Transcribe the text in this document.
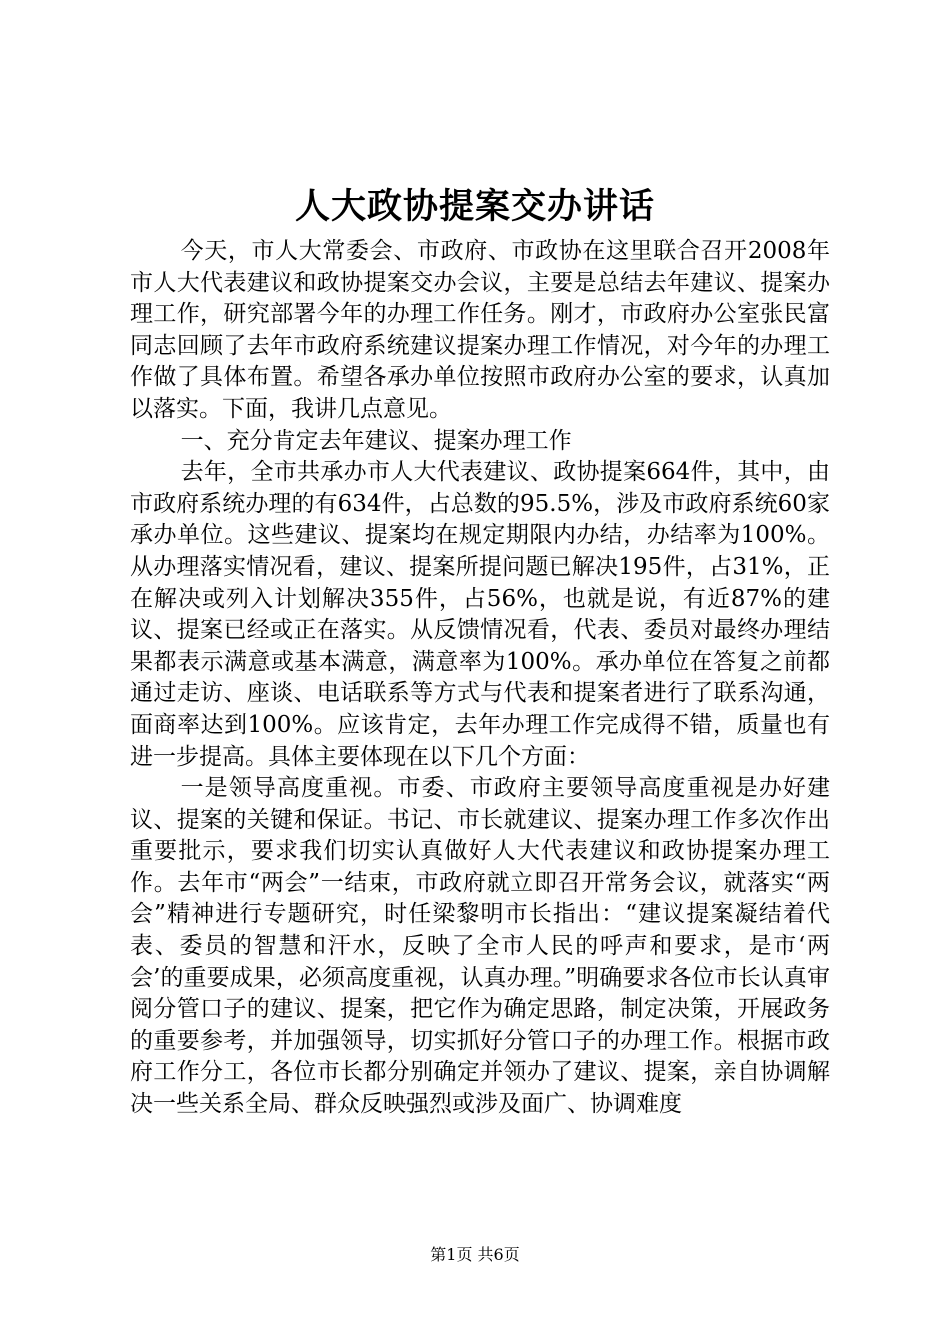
人大政协提案交办讲话

今天，市人大常委会、市政府、市政协在这里联合召开2008年市人大代表建议和政协提案交办会议，主要是总结去年建议、提案办理工作，研究部署今年的办理工作任务。刚才，市政府办公室张民富同志回顾了去年市政府系统建议提案办理工作情况，对今年的办理工作做了具体布置。希望各承办单位按照市政府办公室的要求，认真加以落实。下面，我讲几点意见。

一、充分肯定去年建议、提案办理工作

去年，全市共承办市人大代表建议、政协提案664件，其中，由市政府系统办理的有634件，占总数的95.5%，涉及市政府系统60家承办单位。这些建议、提案均在规定期限内办结，办结率为100%。从办理落实情况看，建议、提案所提问题已解决195件，占31%，正在解决或列入计划解决355件，占56%，也就是说，有近87%的建议、提案已经或正在落实。从反馈情况看，代表、委员对最终办理结果都表示满意或基本满意，满意率为100%。承办单位在答复之前都通过走访、座谈、电话联系等方式与代表和提案者进行了联系沟通，面商率达到100%。应该肯定，去年办理工作完成得不错，质量也有进一步提高。具体主要体现在以下几个方面：

一是领导高度重视。市委、市政府主要领导高度重视是办好建议、提案的关键和保证。书记、市长就建议、提案办理工作多次作出重要批示，要求我们切实认真做好人大代表建议和政协提案办理工作。去年市“两会”一结束，市政府就立即召开常务会议，就落实“两会”精神进行专题研究，时任梁黎明市长指出：“建议提案凝结着代表、委员的智慧和汗水，反映了全市人民的呼声和要求，是市‘两会’的重要成果，必须高度重视，认真办理。”明确要求各位市长认真审阅分管口子的建议、提案，把它作为确定思路，制定决策，开展政务的重要参考，并加强领导，切实抓好分管口子的办理工作。根据市政府工作分工，各位市长都分别确定并领办了建议、提案，亲自协调解决一些关系全局、群众反映强烈或涉及面广、协调难度

第1页 共6页
